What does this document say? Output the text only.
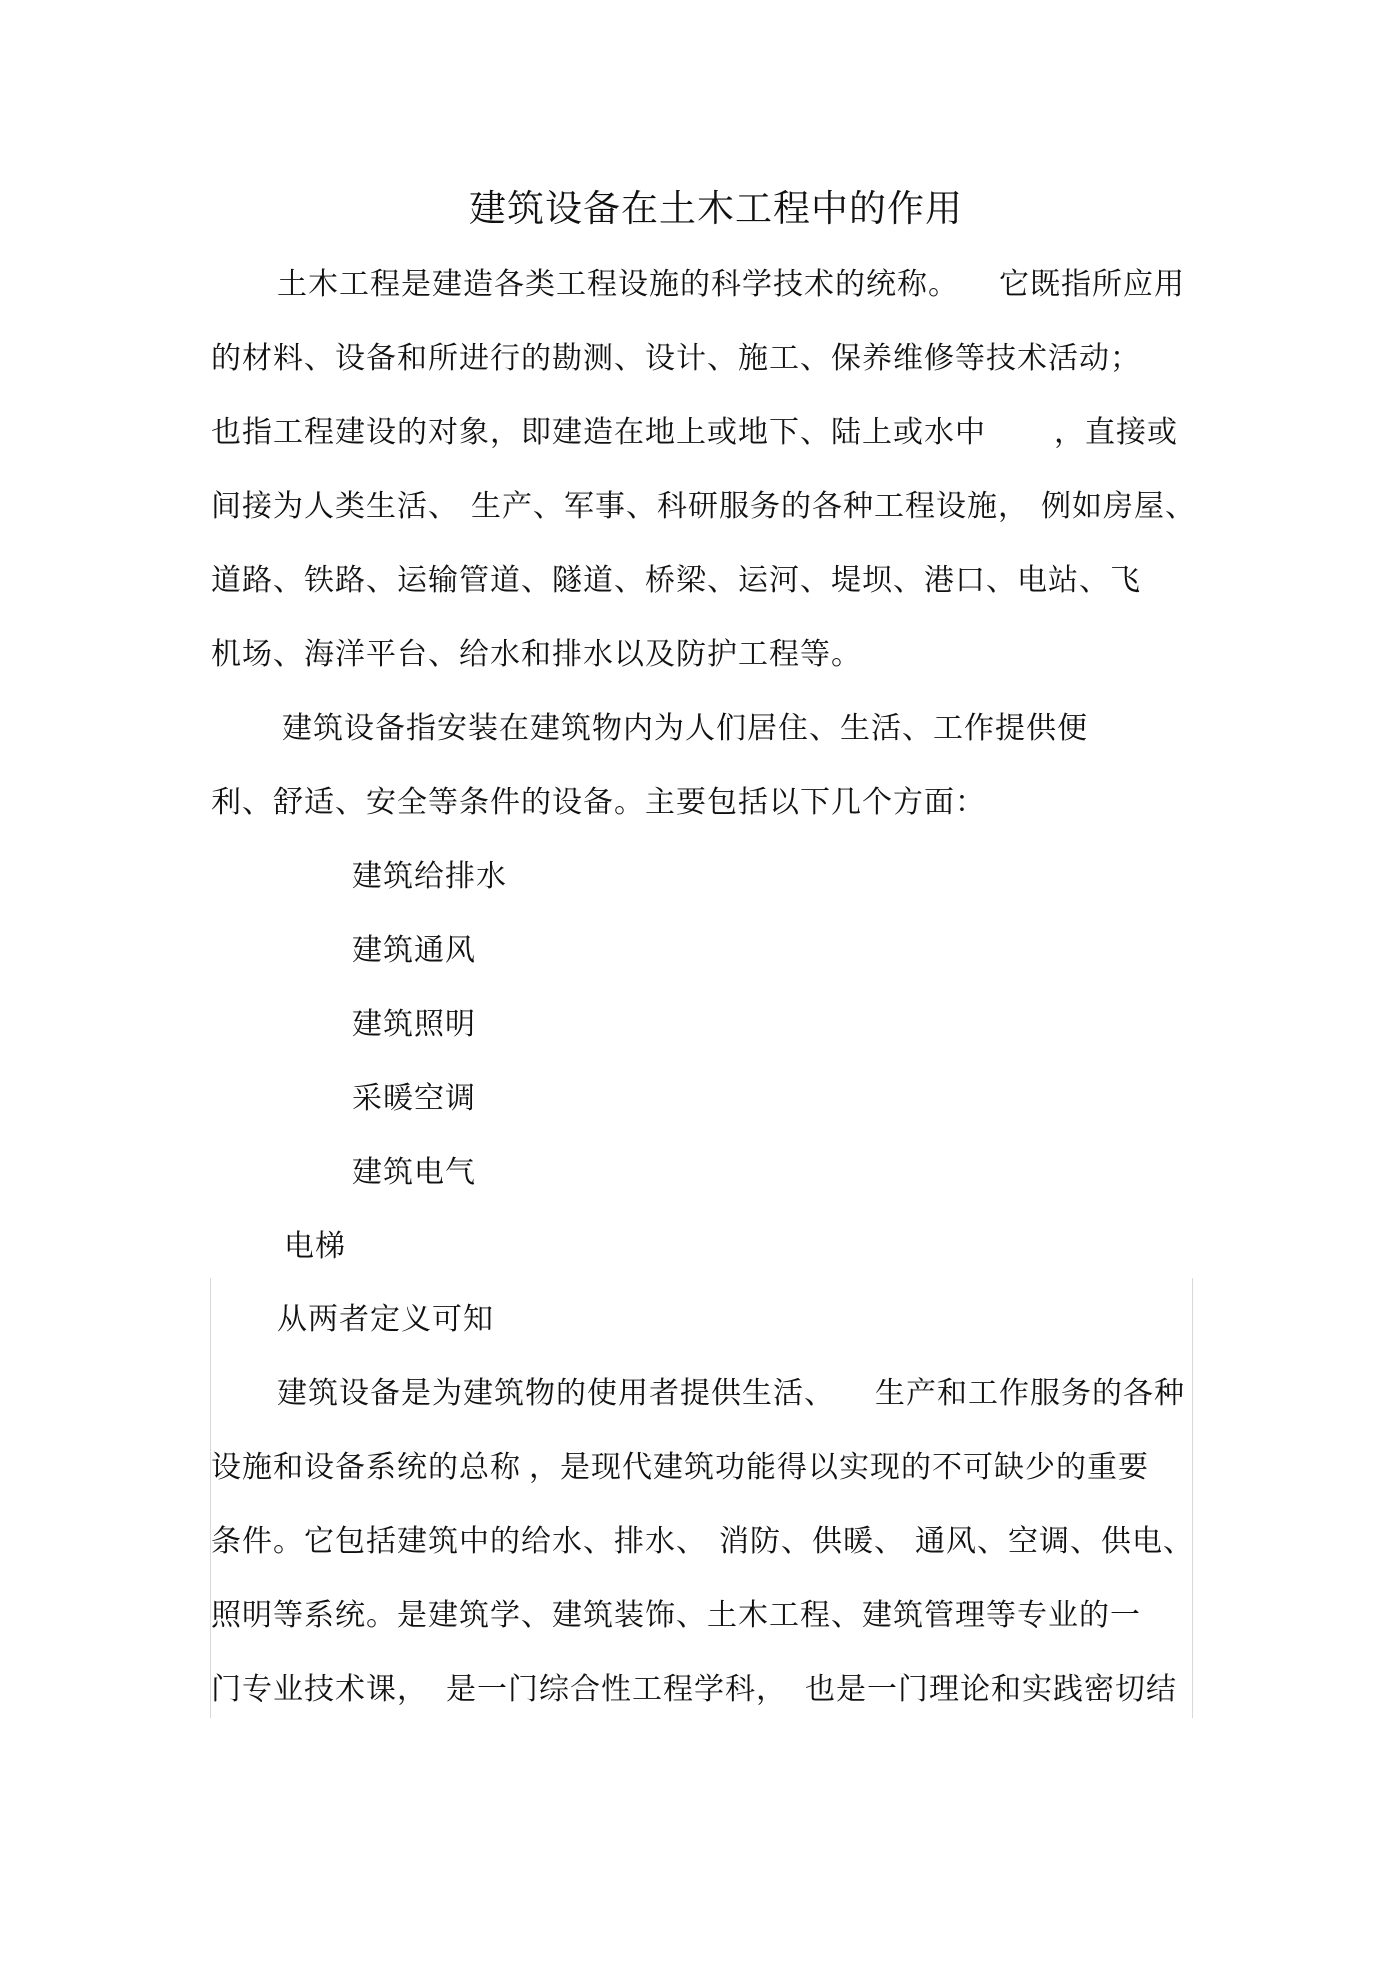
建筑设备在土木工程中的作用
土木工程是建造各类工程设施的科学技术的统称。 它既指所应用
的材料、设备和所进行的勘测、设计、施工、保养维修等技术活动；
也指工程建设的对象，即建造在地上或地下、陆上或水中 ，直接或
间接为人类生活、 生产、军事、科研服务的各种工程设施， 例如房屋、
道路、铁路、运输管道、隧道、桥梁、运河、堤坝、港口、电站、飞
机场、海洋平台、给水和排水以及防护工程等。
建筑设备指安装在建筑物内为人们居住、生活、工作提供便
利、舒适、安全等条件的设备。主要包括以下几个方面：
建筑给排水
建筑通风
建筑照明
采暖空调
建筑电气
电梯
从两者定义可知
建筑设备是为建筑物的使用者提供生活、 生产和工作服务的各种
设施和设备系统的总称 ，是现代建筑功能得以实现的不可缺少的重要
条件。它包括建筑中的给水、排水、 消防、供暖、 通风、空调、供电、
照明等系统。是建筑学、建筑装饰、土木工程、建筑管理等专业的一
门专业技术课， 是一门综合性工程学科， 也是一门理论和实践密切结
